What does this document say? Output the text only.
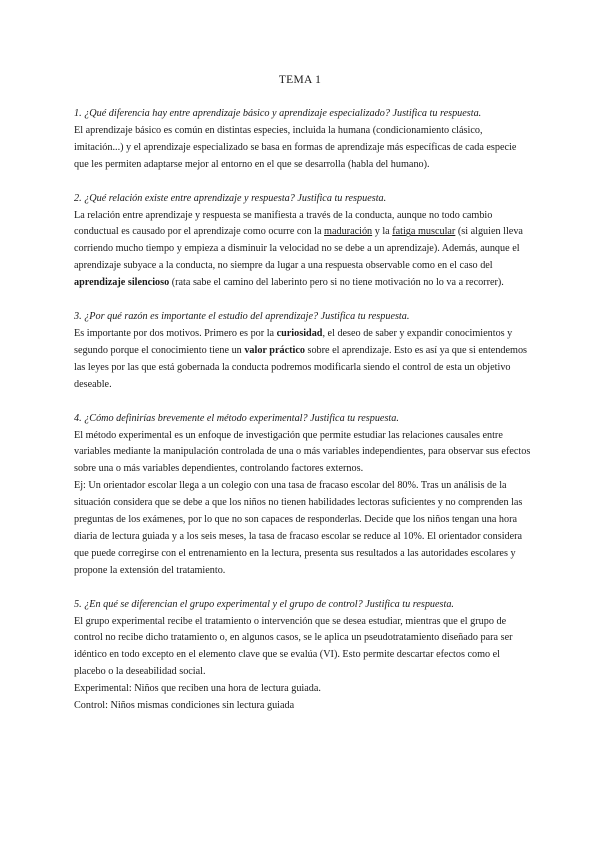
TEMA 1

1. ¿Qué diferencia hay entre aprendizaje básico y aprendizaje especializado? Justifica tu respuesta.

El aprendizaje básico es común en distintas especies, incluida la humana (condicionamiento clásico, imitación...) y el aprendizaje especializado se basa en formas de aprendizaje más específicas de cada especie que les permiten adaptarse mejor al entorno en el que se desarrolla (habla del humano).

2. ¿Qué relación existe entre aprendizaje y respuesta? Justifica tu respuesta.

La relación entre aprendizaje y respuesta se manifiesta a través de la conducta, aunque no todo cambio conductual es causado por el aprendizaje como ocurre con la maduración y la fatiga muscular (si alguien lleva corriendo mucho tiempo y empieza a disminuir la velocidad no se debe a un aprendizaje). Además, aunque el aprendizaje subyace a la conducta, no siempre da lugar a una respuesta observable como en el caso del aprendizaje silencioso (rata sabe el camino del laberinto pero si no tiene motivación no lo va a recorrer).

3. ¿Por qué razón es importante el estudio del aprendizaje? Justifica tu respuesta.

Es importante por dos motivos. Primero es por la curiosidad, el deseo de saber y expandir conocimientos y segundo porque el conocimiento tiene un valor práctico sobre el aprendizaje. Esto es así ya que si entendemos las leyes por las que está gobernada la conducta podremos modificarla siendo el control de esta un objetivo deseable.

4. ¿Cómo definirías brevemente el método experimental? Justifica tu respuesta.

El método experimental es un enfoque de investigación que permite estudiar las relaciones causales entre variables mediante la manipulación controlada de una o más variables independientes, para observar sus efectos sobre una o más variables dependientes, controlando factores externos.

Ej: Un orientador escolar llega a un colegio con una tasa de fracaso escolar del 80%. Tras un análisis de la situación considera que se debe a que los niños no tienen habilidades lectoras suficientes y no comprenden las preguntas de los exámenes, por lo que no son capaces de responderlas. Decide que los niños tengan una hora diaria de lectura guiada y a los seis meses, la tasa de fracaso escolar se reduce al 10%. El orientador considera que puede corregirse con el entrenamiento en la lectura, presenta sus resultados a las autoridades escolares y propone la extensión del tratamiento.

5. ¿En qué se diferencian el grupo experimental y el grupo de control? Justifica tu respuesta.

El grupo experimental recibe el tratamiento o intervención que se desea estudiar, mientras que el grupo de control no recibe dicho tratamiento o, en algunos casos, se le aplica un pseudotratamiento diseñado para ser idéntico en todo excepto en el elemento clave que se evalúa (VI). Esto permite descartar efectos como el placebo o la deseabilidad social.

Experimental: Niños que reciben una hora de lectura guiada.

Control: Niños mismas condiciones sin lectura guiada
